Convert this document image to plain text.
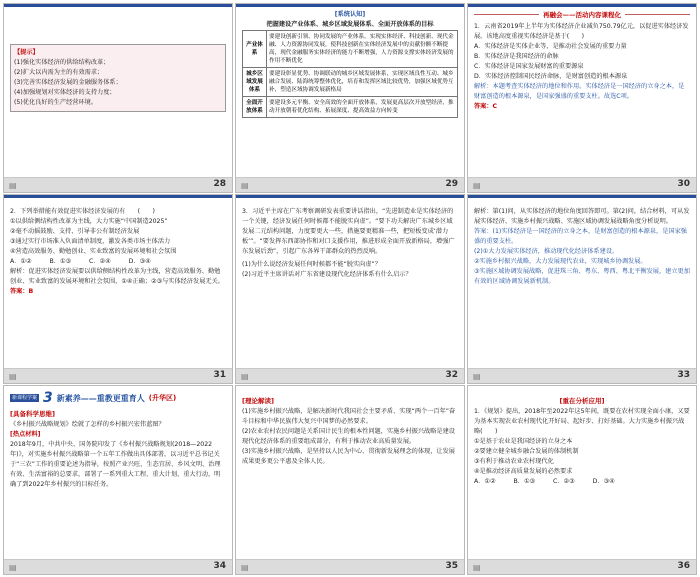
【提示】
(1)强化实体经济的供给结构改革；
(2)扩大以内需为主的有效需求；
(3)完善实体经济发展的金融服务体系；
(4)加强规划对实体经济的支持力度；
(5)优化良好的生产经营环境。
▤	28
[系统认知]
把握建设产业体系、城乡区域发展体系、全面开放体系的目标
产业体系	要建设创新引领、协同发展的产业体系，实现实体经济、科技创新、现代金融、人力资源协同发展，使科技创新在实体经济发展中的贡献份额不断提高，现代金融服务实体经济的能力不断增强，人力资源支撑实体经济发展的作用不断优化
城乡区域发展体系	要建设彰显优势、协调联动的城乡区域发展体系，实现区域良性互动、城乡融合发展、陆海统筹整体优化，培育和发挥区域比较优势，加强区域优势互补，塑造区域协调发展新格局
全面开放体系	要建设多元平衡、安全高效的全面开放体系，发展更高层次开放型经济，推动开放朝着优化结构、拓展深度、提高效益方向转变
▤	29
再融会——活动内容课程化
1．云南省2019年上半年为实体经济企业减负750.79亿元，以促进实体经济发展。该地高度重视实体经济是基于(　　)
A．实体经济是实体企业等，是推动社会发展的重要力量
B．实体经济是我国经济的命脉
C．实体经济是国家发展财富的重要源泉
D．实体经济控制国民经济命脉，是财富创造的根本源泉
解析：本题考查实体经济的地位和作用。实体经济是一国经济的立身之本，是财富创造的根本源泉，是国家强盛的重要支柱。故选C项。
答案：C
▤	30
2．下列举措能有效促进实体经济发展的有　　(　　)
①以供给侧结构性改革为主线，大力实施“中国制造2025”
②毫不动摇鼓励、支持、引导非公有制经济发展
③通过实行市场准入负面清单制度，激发各类市场主体活力
④营造高效服务、勤勉创业、实业致富的发展环境和社会氛围
A．①②	B．①③	C．②④	D．③④
解析：促进实体经济发展要以供给侧结构性改革为主线，营造高效服务、勤勉创业、实业致富的发展环境和社会氛围，①④正确；②③与实体经济发展无关。
答案：B
▤	31
3．习近平主席在广东考察调研发表重要讲话指出，“先进制造业是实体经济的一个关键，经济发展任何时候都不能脱实向虚”。“要下功夫解决广东城乡区域发展二元结构问题，力度要更大一些，措施要更精准一些，把短板变成‘潜力板’”。“要发挥东西部协作和对口支援作用，推进形成全面开放新格局，增强广东发展后劲”，引起广东各界干部群众的热烈反响。
(1)为什么说经济发展任何时候都不能“脱实向虚”？
(2)习近平主席讲话对广东省建设现代化经济体系有什么启示？
▤	32
解析：第(1)问，从实体经济的地位角度回答即可。第(2)问，结合材料，可从发展实体经济、实施乡村振兴战略、实施区域协调发展战略角度分析说明。
答案：(1)实体经济是一国经济的立身之本，是财富创造的根本源泉，是国家强盛的重要支柱。
(2)①大力发展实体经济，推动现代化经济体系建设。
②实施乡村振兴战略，大力发展现代农业，实现城乡协调发展。
③实施区域协调发展战略，促进珠三角、粤东、粤西、粤北平衡发展，建立更加有效的区域协调发展新机制。
▤	33
新课程学案 3 新素养——重教更重育人 (升华区)
[具备科学思维]
《乡村振兴战略规划》绘就了怎样的乡村振兴宏伟蓝图？
[热点材料]
2018年9月，中共中央、国务院印发了《乡村振兴战略规划(2018—2022年)》，对实施乡村振兴战略第一个五年工作做出具体部署，以习近平总书记关于“三农”工作的重要论述为指导，按照产业兴旺、生态宜居、乡风文明、治理有效、生活富裕的总要求，部署了一系列重大工程、重大计划、重大行动，明确了到2022年乡村振兴的目标任务。
▤	34
[理论解读]
(1)实施乡村振兴战略，是解决新时代我国社会主要矛盾、实现“两个一百年”奋斗目标和中华民族伟大复兴中国梦的必然要求。
(2)农业农村农民问题是关系国计民生的根本性问题，实施乡村振兴战略是建设现代化经济体系的重要组成部分，有利于推动农业高质量发展。
(3)实施乡村振兴战略，是坚持以人民为中心、贯彻新发展理念的体现，让发展成果更多更公平惠及全体人民。
▤	35
[重在分析应用]
1．《规划》提出，2018年至2022年这5年间，既要在农村实现全面小康，又要为基本实现农业农村现代化开好局、起好步、打好基础。大力实施乡村振兴战略(　　)
①是基于农业是我国经济的立身之本
②要建立健全城乡融合发展的体制机制
③有利于推动农业农村现代化
④是推动经济高质量发展的必然要求
A．①②	B．①③	C．②③	D．③④
▤	36
